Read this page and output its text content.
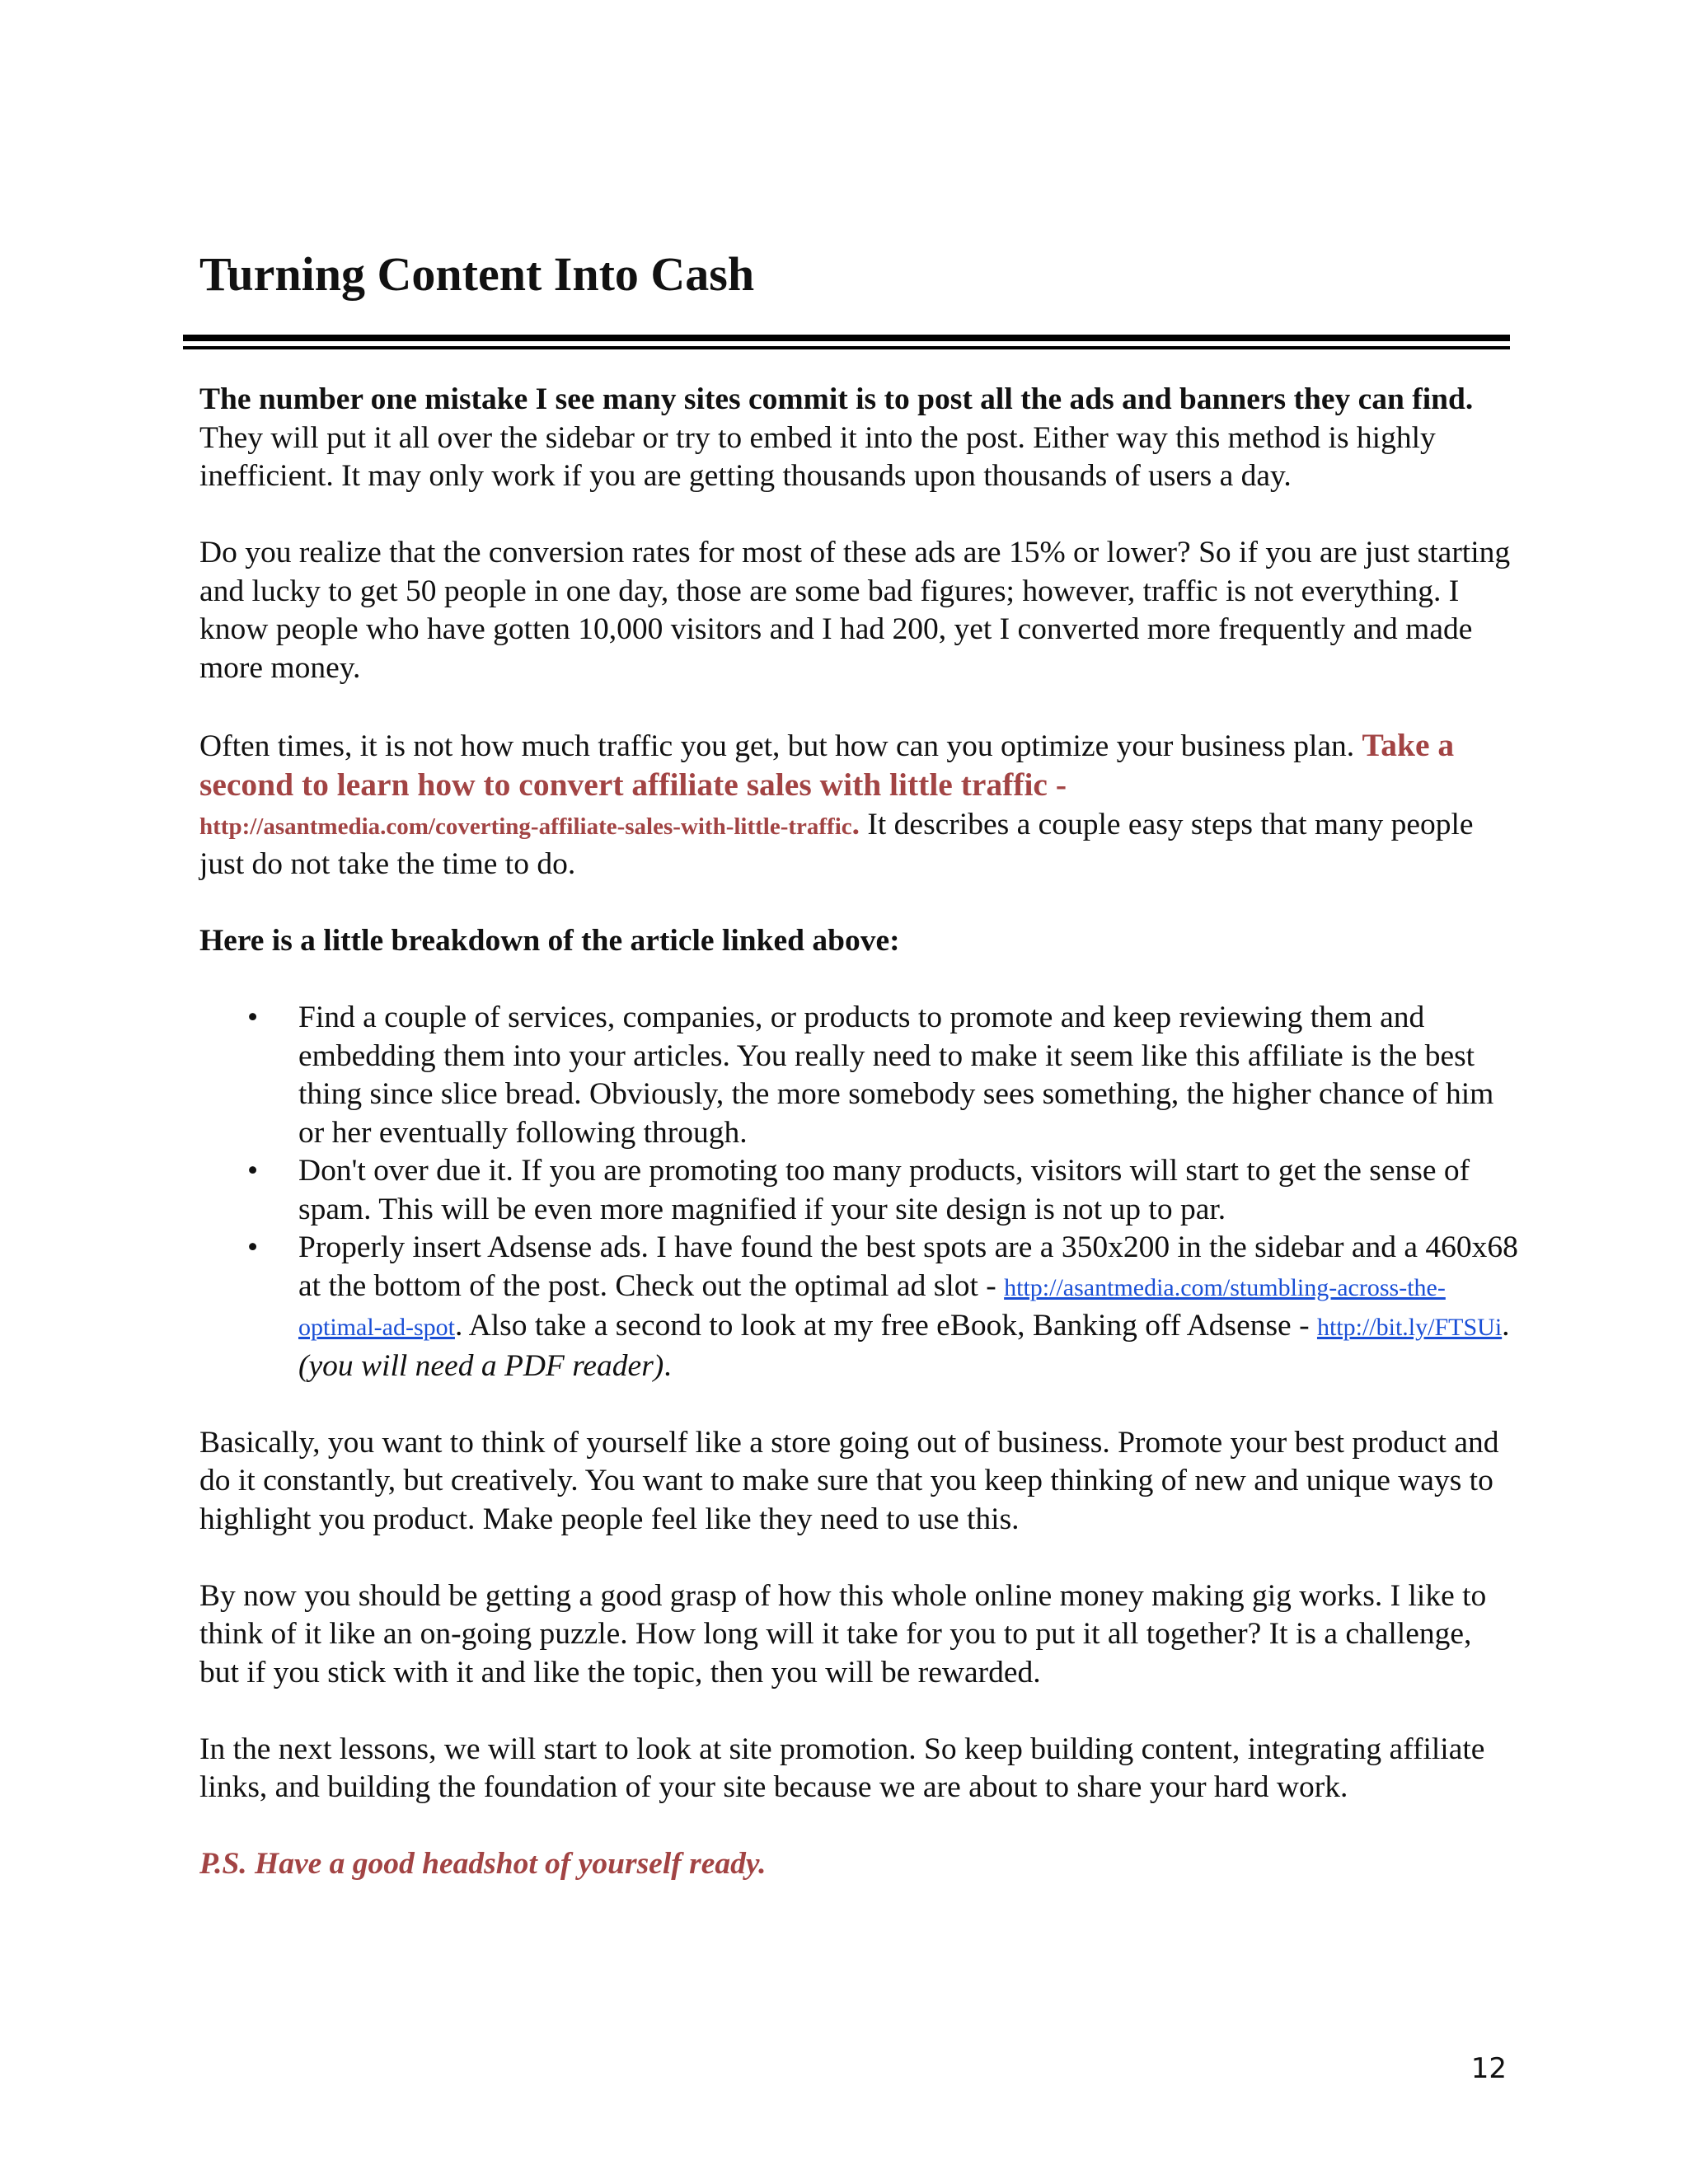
Turning Content Into Cash

The number one mistake I see many sites commit is to post all the ads and banners they can find. They will put it all over the sidebar or try to embed it into the post. Either way this method is highly inefficient. It may only work if you are getting thousands upon thousands of users a day.

Do you realize that the conversion rates for most of these ads are 15% or lower? So if you are just starting and lucky to get 50 people in one day, those are some bad figures; however, traffic is not everything. I know people who have gotten 10,000 visitors and I had 200, yet I converted more frequently and made more money.

Often times, it is not how much traffic you get, but how can you optimize your business plan. Take a second to learn how to convert affiliate sales with little traffic -
http://asantmedia.com/coverting-affiliate-sales-with-little-traffic. It describes a couple easy steps that many people just do not take the time to do.

Here is a little breakdown of the article linked above:

• Find a couple of services, companies, or products to promote and keep reviewing them and embedding them into your articles. You really need to make it seem like this affiliate is the best thing since slice bread. Obviously, the more somebody sees something, the higher chance of him or her eventually following through.
• Don't over due it. If you are promoting too many products, visitors will start to get the sense of spam. This will be even more magnified if your site design is not up to par.
• Properly insert Adsense ads. I have found the best spots are a 350x200 in the sidebar and a 460x68 at the bottom of the post. Check out the optimal ad slot - http://asantmedia.com/stumbling-across-the-optimal-ad-spot. Also take a second to look at my free eBook, Banking off Adsense - http://bit.ly/FTSUi. (you will need a PDF reader).

Basically, you want to think of yourself like a store going out of business. Promote your best product and do it constantly, but creatively. You want to make sure that you keep thinking of new and unique ways to highlight you product. Make people feel like they need to use this.

By now you should be getting a good grasp of how this whole online money making gig works. I like to think of it like an on-going puzzle. How long will it take for you to put it all together? It is a challenge, but if you stick with it and like the topic, then you will be rewarded.

In the next lessons, we will start to look at site promotion. So keep building content, integrating affiliate links, and building the foundation of your site because we are about to share your hard work.

P.S. Have a good headshot of yourself ready.

12
